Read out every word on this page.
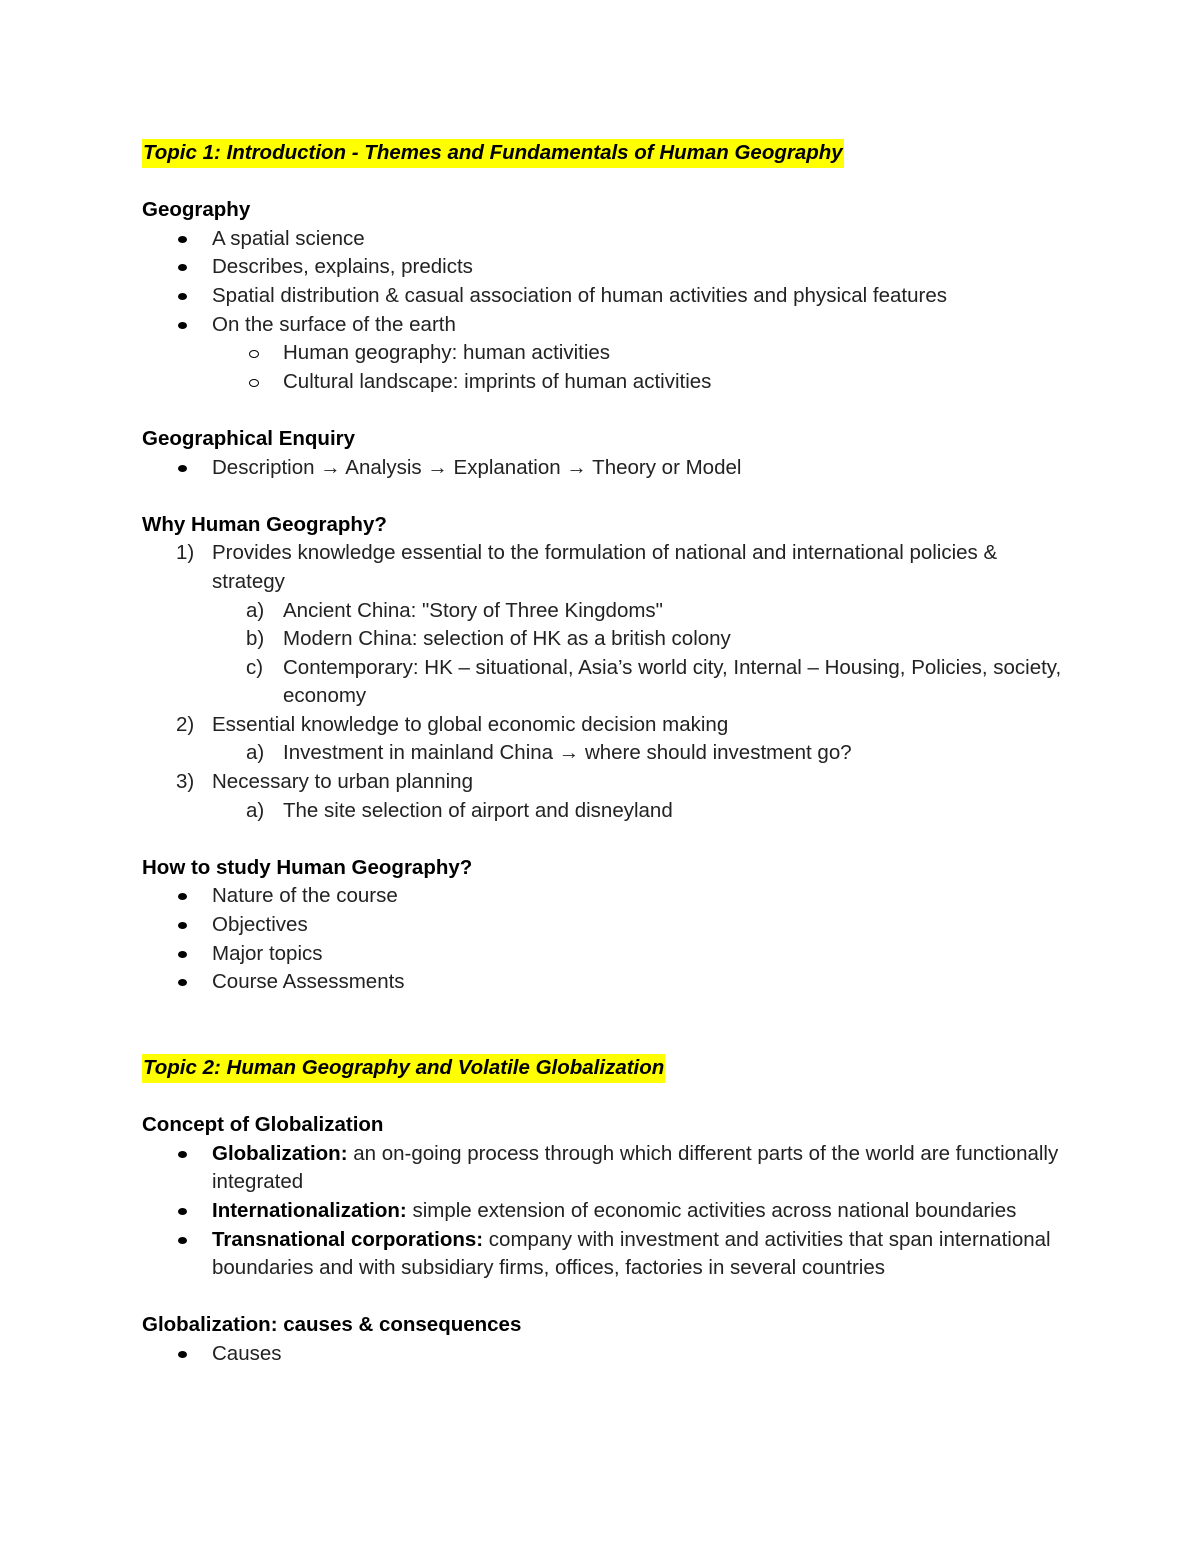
Topic 1: Introduction - Themes and Fundamentals of Human Geography
Geography
A spatial science
Describes, explains, predicts
Spatial distribution & casual association of human activities and physical features
On the surface of the earth
Human geography: human activities
Cultural landscape: imprints of human activities
Geographical Enquiry
Description → Analysis → Explanation → Theory or Model
Why Human Geography?
1) Provides knowledge essential to the formulation of national and international policies & strategy
a) Ancient China: "Story of Three Kingdoms"
b) Modern China: selection of HK as a british colony
c) Contemporary: HK – situational, Asia’s world city, Internal – Housing, Policies, society, economy
2) Essential knowledge to global economic decision making
a) Investment in mainland China → where should investment go?
3) Necessary to urban planning
a) The site selection of airport and disneyland
How to study Human Geography?
Nature of the course
Objectives
Major topics
Course Assessments
Topic 2: Human Geography and Volatile Globalization
Concept of Globalization
Globalization: an on-going process through which different parts of the world are functionally integrated
Internationalization: simple extension of economic activities across national boundaries
Transnational corporations: company with investment and activities that span international boundaries and with subsidiary firms, offices, factories in several countries
Globalization: causes & consequences
Causes
